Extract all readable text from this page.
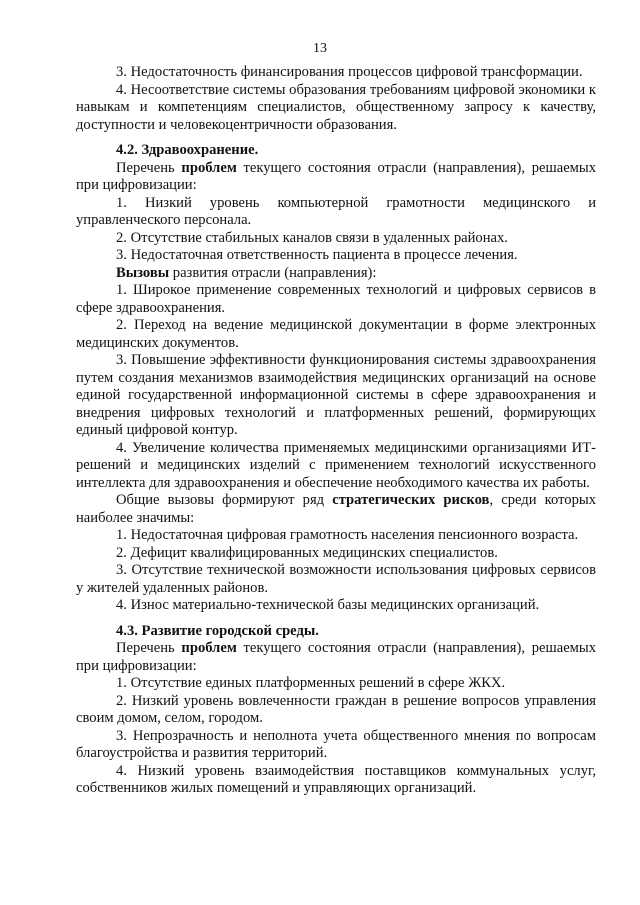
13

3. Недостаточность финансирования процессов цифровой трансформации.

4. Несоответствие системы образования требованиям цифровой экономики к навыкам и компетенциям специалистов, общественному запросу к качеству, доступности и человекоцентричности образования.

4.2. Здравоохранение.

Перечень проблем текущего состояния отрасли (направления), решаемых при цифровизации:

1. Низкий уровень компьютерной грамотности медицинского и управленческого персонала.

2. Отсутствие стабильных каналов связи в удаленных районах.

3. Недостаточная ответственность пациента в процессе лечения.

Вызовы развития отрасли (направления):

1. Широкое применение современных технологий и цифровых сервисов в сфере здравоохранения.

2. Переход на ведение медицинской документации в форме электронных медицинских документов.

3. Повышение эффективности функционирования системы здравоохранения путем создания механизмов взаимодействия медицинских организаций на основе единой государственной информационной системы в сфере здравоохранения и внедрения цифровых технологий и платформенных решений, формирующих единый цифровой контур.

4. Увеличение количества применяемых медицинскими организациями ИТ-решений и медицинских изделий с применением технологий искусственного интеллекта для здравоохранения и обеспечение необходимого качества их работы.

Общие вызовы формируют ряд стратегических рисков, среди которых наиболее значимы:

1. Недостаточная цифровая грамотность населения пенсионного возраста.

2. Дефицит квалифицированных медицинских специалистов.

3. Отсутствие технической возможности использования цифровых сервисов у жителей удаленных районов.

4. Износ материально-технической базы медицинских организаций.

4.3. Развитие городской среды.

Перечень проблем текущего состояния отрасли (направления), решаемых при цифровизации:

1. Отсутствие единых платформенных решений в сфере ЖКХ.

2. Низкий уровень вовлеченности граждан в решение вопросов управления своим домом, селом, городом.

3. Непрозрачность и неполнота учета общественного мнения по вопросам благоустройства и развития территорий.

4. Низкий уровень взаимодействия поставщиков коммунальных услуг, собственников жилых помещений и управляющих организаций.
